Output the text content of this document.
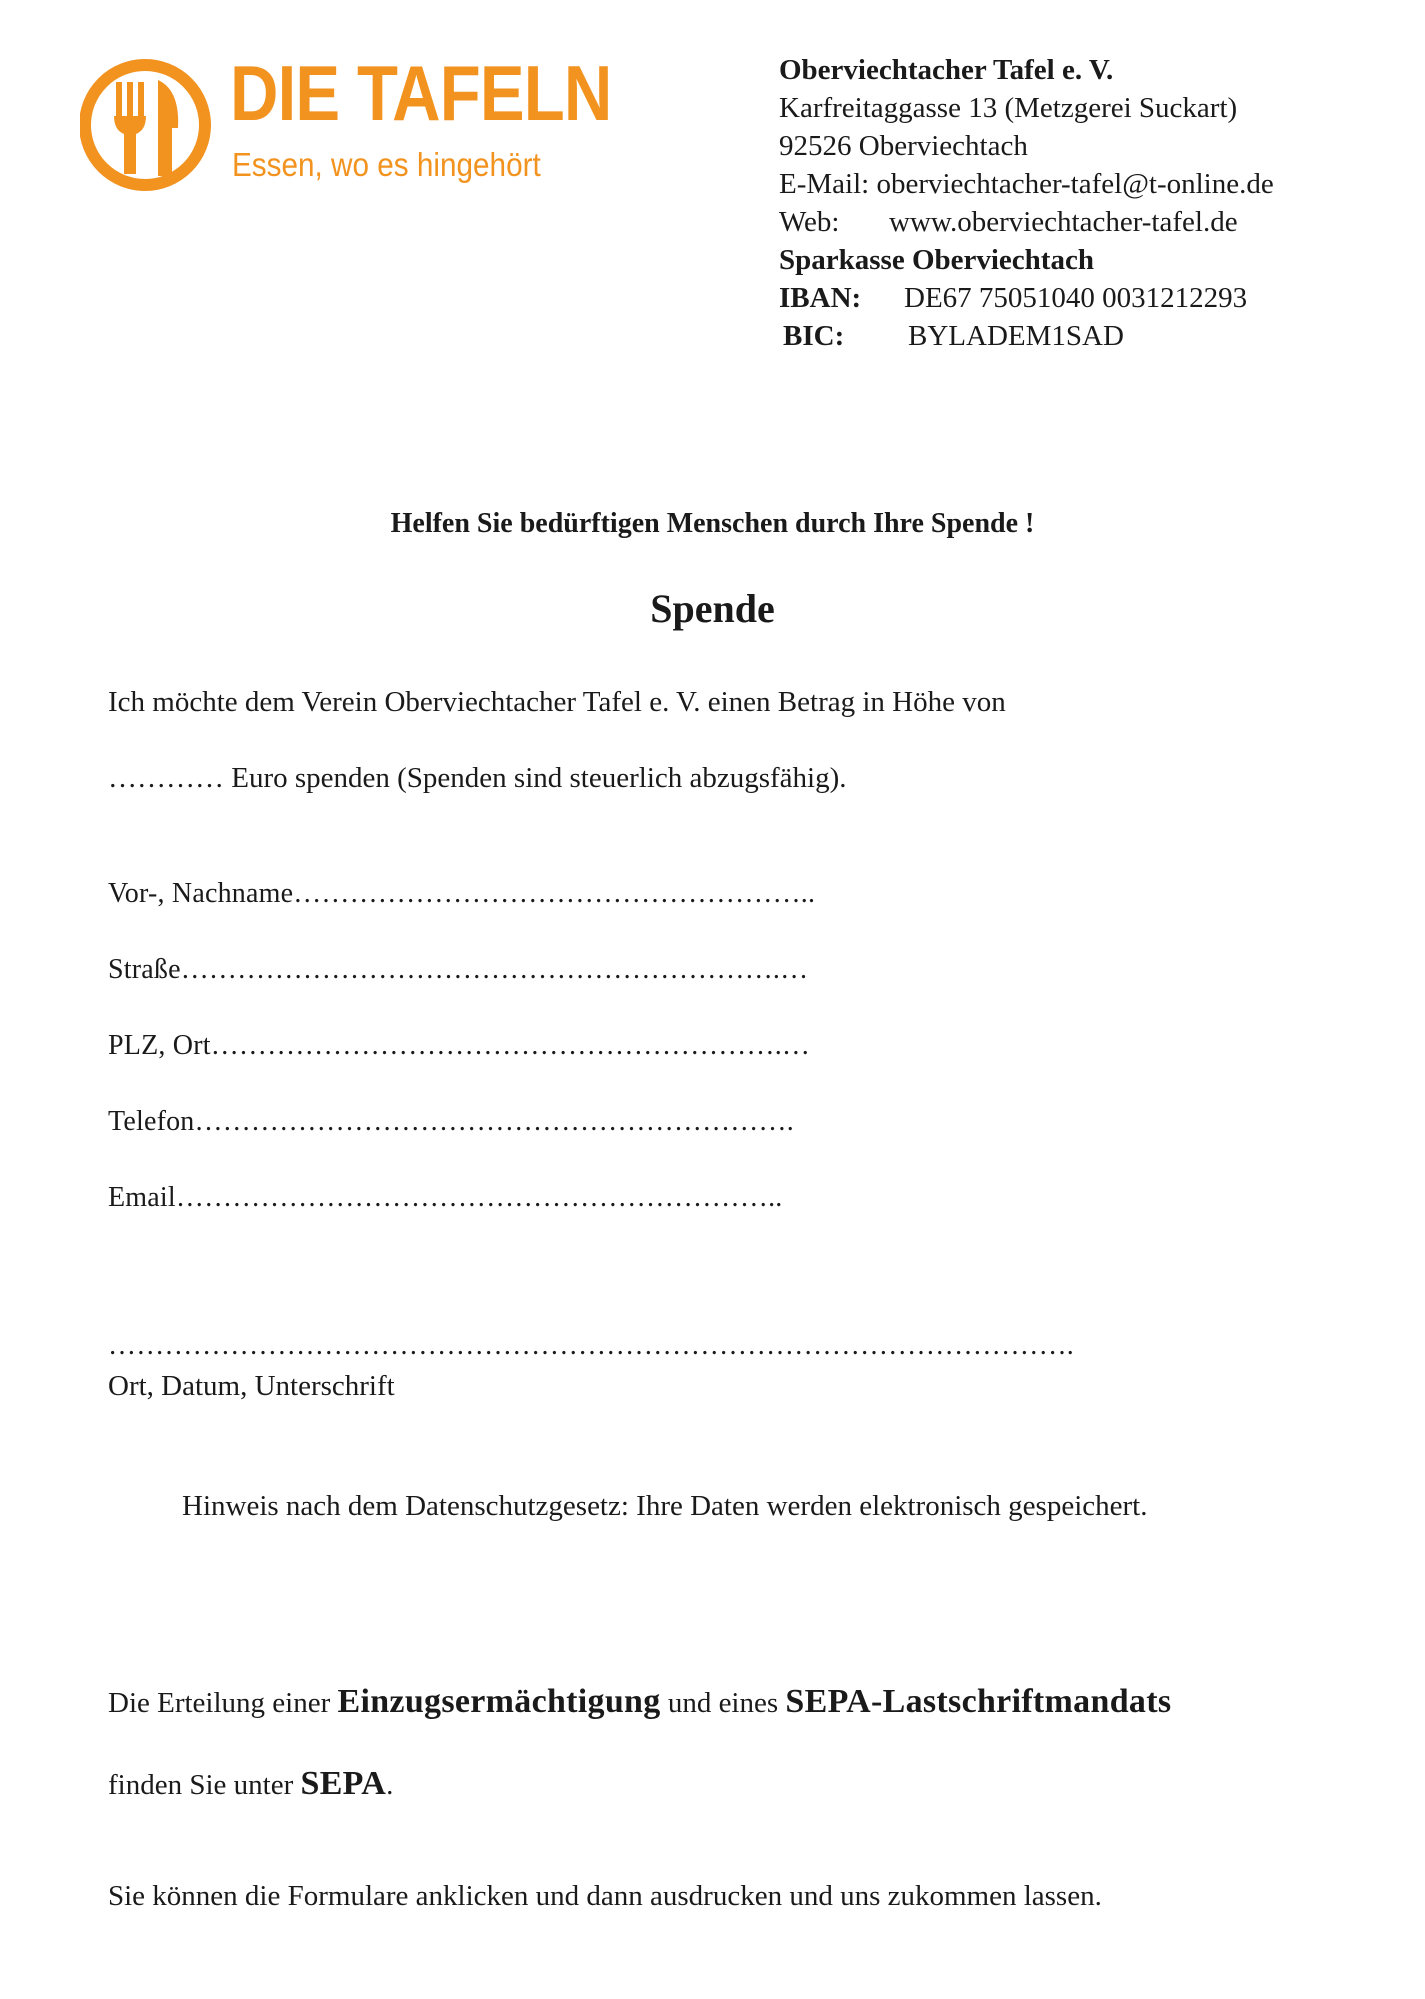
DIE TAFELN
Essen, wo es hingehört
Oberviechtacher Tafel e. V.
Karfreitaggasse 13 (Metzgerei Suckart)
92526 Oberviechtach
E-Mail: oberviechtacher-tafel@t-online.de
Web: www.oberviechtacher-tafel.de
Sparkasse Oberviechtach
IBAN: DE67 75051040 0031212293
BIC: BYLADEM1SAD
Helfen Sie bedürftigen Menschen durch Ihre Spende !
Spende
Ich möchte dem Verein Oberviechtacher Tafel e. V. einen Betrag in Höhe von
………… Euro spenden (Spenden sind steuerlich abzugsfähig).
Vor-, Nachname………………………………………………..
Straße……………………………………………………….…
PLZ, Ort…………………………………………………….…
Telefon……………………………………………………….
Email………………………………………………………..
………………………………………………………………………………………….
Ort, Datum, Unterschrift
Hinweis nach dem Datenschutzgesetz: Ihre Daten werden elektronisch gespeichert.
Die Erteilung einer Einzugsermächtigung und eines SEPA-Lastschriftmandats
finden Sie unter SEPA.
Sie können die Formulare anklicken und dann ausdrucken und uns zukommen lassen.
